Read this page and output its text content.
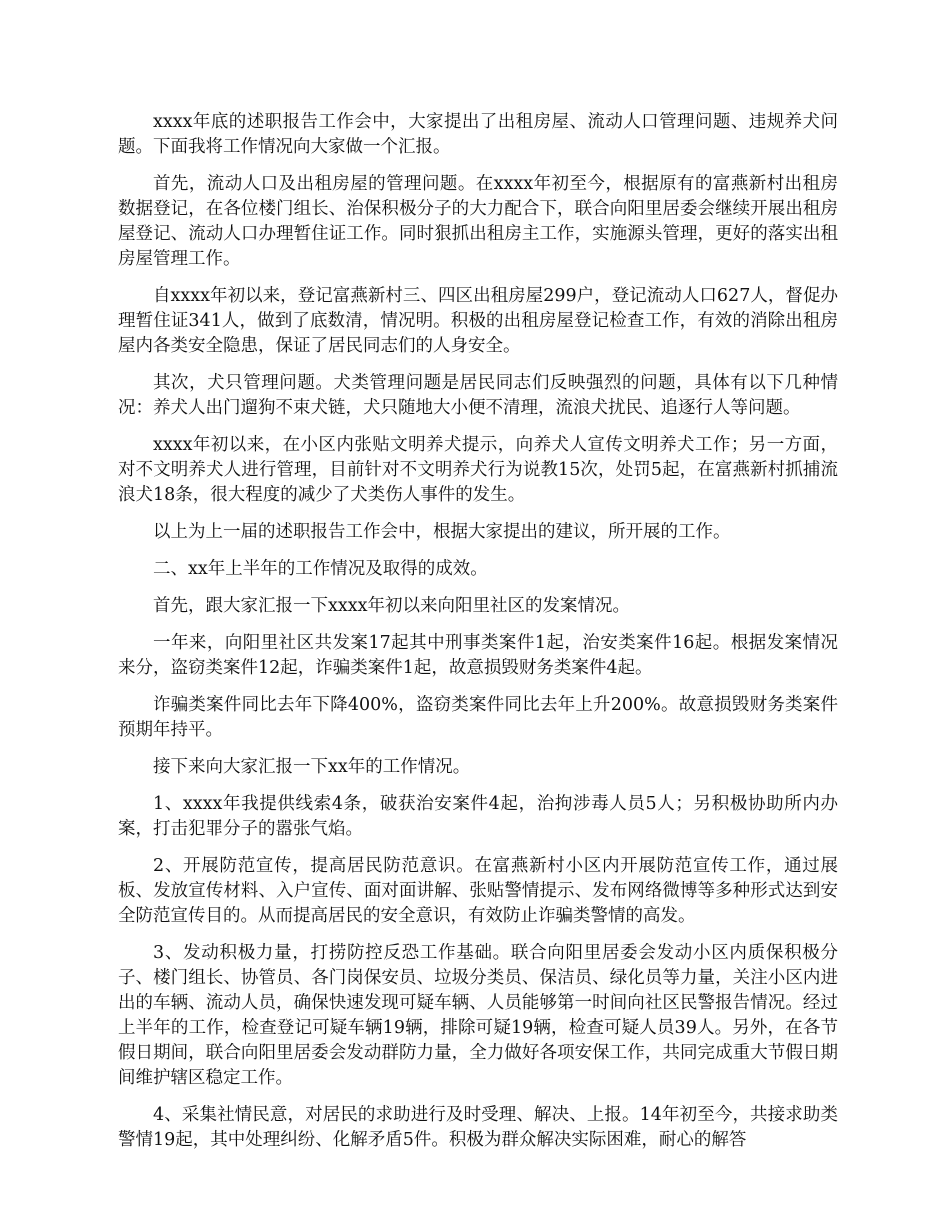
xxxx年底的述职报告工作会中，大家提出了出租房屋、流动人口管理问题、违规养犬问题。下面我将工作情况向大家做一个汇报。

首先，流动人口及出租房屋的管理问题。在xxxx年初至今，根据原有的富燕新村出租房数据登记，在各位楼门组长、治保积极分子的大力配合下，联合向阳里居委会继续开展出租房屋登记、流动人口办理暂住证工作。同时狠抓出租房主工作，实施源头管理，更好的落实出租房屋管理工作。

自xxxx年初以来，登记富燕新村三、四区出租房屋299户，登记流动人口627人，督促办理暂住证341人，做到了底数清，情况明。积极的出租房屋登记检查工作，有效的消除出租房屋内各类安全隐患，保证了居民同志们的人身安全。

其次，犬只管理问题。犬类管理问题是居民同志们反映强烈的问题，具体有以下几种情况：养犬人出门遛狗不束犬链，犬只随地大小便不清理，流浪犬扰民、追逐行人等问题。

xxxx年初以来，在小区内张贴文明养犬提示，向养犬人宣传文明养犬工作；另一方面，对不文明养犬人进行管理，目前针对不文明养犬行为说教15次，处罚5起，在富燕新村抓捕流浪犬18条，很大程度的减少了犬类伤人事件的发生。

以上为上一届的述职报告工作会中，根据大家提出的建议，所开展的工作。

二、xx年上半年的工作情况及取得的成效。

首先，跟大家汇报一下xxxx年初以来向阳里社区的发案情况。

一年来，向阳里社区共发案17起其中刑事类案件1起，治安类案件16起。根据发案情况来分，盗窃类案件12起，诈骗类案件1起，故意损毁财务类案件4起。

诈骗类案件同比去年下降400%，盗窃类案件同比去年上升200%。故意损毁财务类案件预期年持平。

接下来向大家汇报一下xx年的工作情况。

1、xxxx年我提供线索4条，破获治安案件4起，治拘涉毒人员5人；另积极协助所内办案，打击犯罪分子的嚣张气焰。

2、开展防范宣传，提高居民防范意识。在富燕新村小区内开展防范宣传工作，通过展板、发放宣传材料、入户宣传、面对面讲解、张贴警情提示、发布网络微博等多种形式达到安全防范宣传目的。从而提高居民的安全意识，有效防止诈骗类警情的高发。

3、发动积极力量，打捞防控反恐工作基础。联合向阳里居委会发动小区内质保积极分子、楼门组长、协管员、各门岗保安员、垃圾分类员、保洁员、绿化员等力量，关注小区内进出的车辆、流动人员，确保快速发现可疑车辆、人员能够第一时间向社区民警报告情况。经过上半年的工作，检查登记可疑车辆19辆，排除可疑19辆，检查可疑人员39人。另外，在各节假日期间，联合向阳里居委会发动群防力量，全力做好各项安保工作，共同完成重大节假日期间维护辖区稳定工作。

4、采集社情民意，对居民的求助进行及时受理、解决、上报。14年初至今，共接求助类警情19起，其中处理纠纷、化解矛盾5件。积极为群众解决实际困难，耐心的解答
